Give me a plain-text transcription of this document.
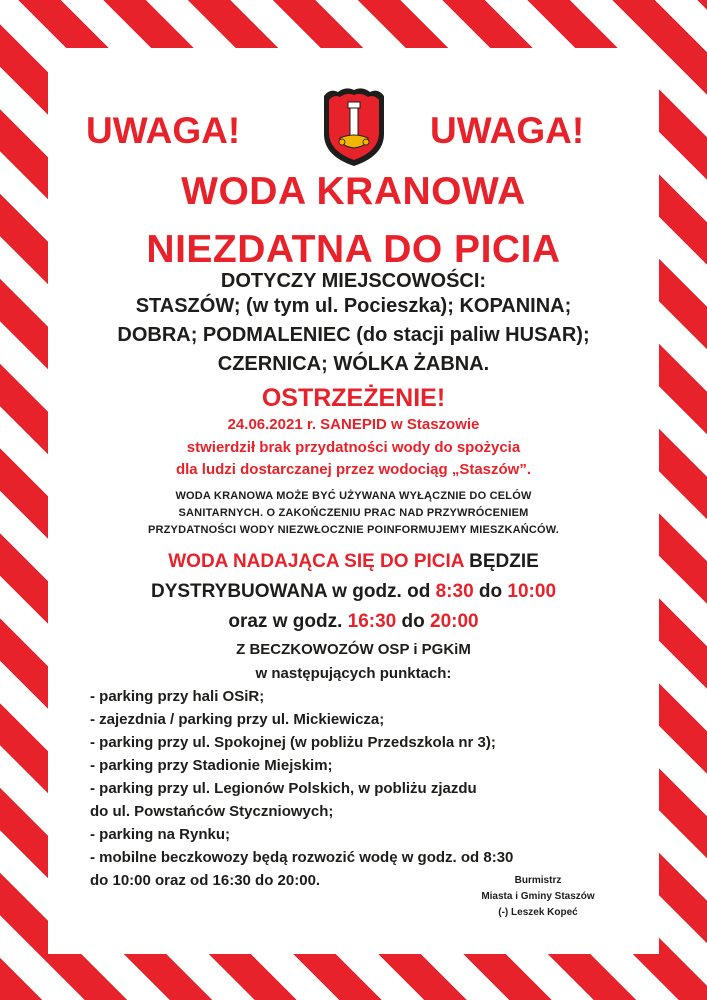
UWAGA!	UWAGA!
WODA KRANOWA
NIEZDATNA DO PICIA
DOTYCZY MIEJSCOWOŚCI:
STASZÓW; (w tym ul. Pocieszka); KOPANINA;
DOBRA; PODMALENIEC (do stacji paliw HUSAR);
CZERNICA; WÓLKA ŻABNA.
OSTRZEŻENIE!
24.06.2021 r. SANEPID w Staszowie
stwierdził brak przydatności wody do spożycia
dla ludzi dostarczanej przez wodociąg „Staszów”.
WODA KRANOWA MOŻE BYĆ UŻYWANA WYŁĄCZNIE DO CELÓW
SANITARNYCH. O ZAKOŃCZENIU PRAC NAD PRZYWRÓCENIEM
PRZYDATNOŚCI WODY NIEZWŁOCZNIE POINFORMUJEMY MIESZKAŃCÓW.
WODA NADAJĄCA SIĘ DO PICIA BĘDZIE
DYSTRYBUOWANA w godz. od 8:30 do 10:00
oraz w godz. 16:30 do 20:00
Z BECZKOWOZÓW OSP i PGKiM
w następujących punktach:
- parking przy hali OSiR;
- zajezdnia / parking przy ul. Mickiewicza;
- parking przy ul. Spokojnej (w pobliżu Przedszkola nr 3);
- parking przy Stadionie Miejskim;
- parking przy ul. Legionów Polskich, w pobliżu zjazdu
do ul. Powstańców Styczniowych;
- parking na Rynku;
- mobilne beczkowozy będą rozwozić wodę w godz. od 8:30
do 10:00 oraz od 16:30 do 20:00.	Burmistrz
Miasta i Gminy Staszów
(-) Leszek Kopeć
